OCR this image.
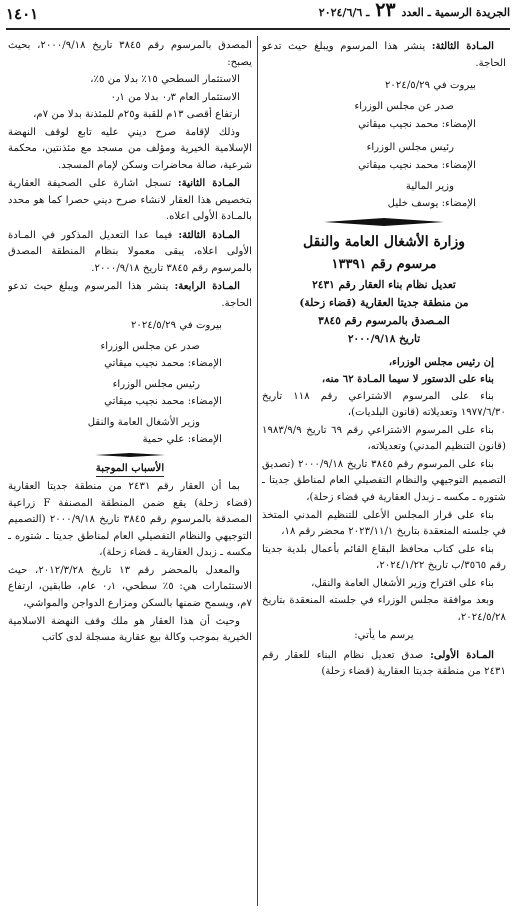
الجريدة الرسمية ـ العدد ٢٣ ـ ٢٠٢٤/٦/٦
١٤٠١

المـادة الثالثة: ينشر هذا المرسوم ويبلغ حيث تدعو الحاجة.

بيروت في ٢٠٢٤/٥/٢٩

صدر عن مجلس الوزراء

الإمضاء: محمد نجيب ميقاتي

رئيس مجلس الوزراء

الإمضاء: محمد نجيب ميقاتي

وزير المالية

الإمضاء: يوسف خليل

وزارة الأشغال العامة والنقل

مرسوم رقم ١٣٣٩١

تعديل نظام بناء العقار رقم ٢٤٣١

من منطقة جديتا العقارية (قضاء زحلة)

المـصدق بالمرسوم رقم ٣٨٤٥

تاريخ ٢٠٠٠/٩/١٨

إن رئيس مجلس الوزراء،

بناء على الدستور لا سيما المـادة ٦٢ منه،

بناء على المرسوم الاشتراعي رقم ١١٨ تاريخ ١٩٧٧/٦/٣٠ وتعديلاته (قانون البلديات)،

بناء على المرسوم الاشتراعي رقم ٦٩ تاريخ ١٩٨٣/٩/٩ (قانون التنظيم المدني) وتعديلاته،

بناء على المرسوم رقم ٣٨٤٥ تاريخ ٢٠٠٠/٩/١٨ (تصديق التصميم التوجيهي والنظام التفصيلي العام لمناطق جديتا ـ شتوره ـ مكسه ـ زبدل العقارية في قضاء زحلة)،

بناء على قرار المجلس الأعلى للتنظيم المدني المتخذ في جلسته المنعقدة بتاريخ ٢٠٢٣/١١/١ محضر رقم ١٨،

بناء على كتاب محافظ البقاع القائم بأعمال بلدية جديتا رقم ٣٥٦٥/ب تاريخ ٢٠٢٤/١/٢٢،

بناء على اقتراح وزير الأشغال العامة والنقل،

وبعد موافقة مجلس الوزراء في جلسته المنعقدة بتاريخ ٢٠٢٤/٥/٢٨،

يرسم ما يأتي:

المـادة الأولى: صدق تعديل نظام البناء للعقار رقم ٢٤٣١ من منطقة جديتا العقارية (قضاء زحلة)

المصدق بالمرسوم رقم ٣٨٤٥ تاريخ ٢٠٠٠/٩/١٨، بحيث يصبح:

الاستثمار السطحي ١٥٪ بدلا من ٥٪،

الاستثمار العام ٠٫٣ بدلا من ٠٫١

ارتفاع أقصى ١٣م للقبة و٢٥م للمئذنة بدلا من ٧م،

وذلك لإقامة صرح ديني عليه تابع لوقف النهضة الإسلامية الخيرية ومؤلف من مسجد مع مئذنتين، محكمة شرعية، صالة محاضرات وسكن لإمام المسجد.

المـادة الثانية: تسجل اشارة على الصحيفة العقارية بتخصيص هذا العقار لانشاء صرح ديني حصرا كما هو محدد بالمـادة الأولى اعلاه.

المـادة الثالثة: فيما عدا التعديل المذكور في المـادة الأولى اعلاه، يبقى معمولا بنظام المنطقة المصدق بالمرسوم رقم ٣٨٤٥ تاريخ ٢٠٠٠/٩/١٨.

المـادة الرابعة: ينشر هذا المرسوم ويبلغ حيث تدعو الحاجة.

بيروت في ٢٠٢٤/٥/٢٩

صدر عن مجلس الوزراء

الإمضاء: محمد نجيب ميقاتي

رئيس مجلس الوزراء

الإمضاء: محمد نجيب ميقاتي

وزير الأشغال العامة والنقل

الإمضاء: علي حمية

الأسباب الموجبة

بما أن العقار رقم ٢٤٣١ من منطقة جديتا العقارية (قضاء زحلة) يقع ضمن المنطقة المصنفة F زراعية المصدقة بالمرسوم رقم ٣٨٤٥ تاريخ ٢٠٠٠/٩/١٨ (التصميم التوجيهي والنظام التفصيلي العام لمناطق جديتا ـ شتوره ـ مكسه ـ زبدل العقارية ـ قضاء زحلة)،

والمعدل بالمحضر رقم ١٣ تاريخ ٢٠١٢/٣/٢٨، حيث الاستثمارات هي: ٥٪ سطحي، ٠٫١ عام، طابقين، ارتفاع ٧م، ويسمح ضمنها بالسكن ومزارع الدواجن والمواشي،

وحيث أن هذا العقار هو ملك وقف النهضة الاسلامية الخيرية بموجب وكالة بيع عقارية مسجلة لدى كاتب
